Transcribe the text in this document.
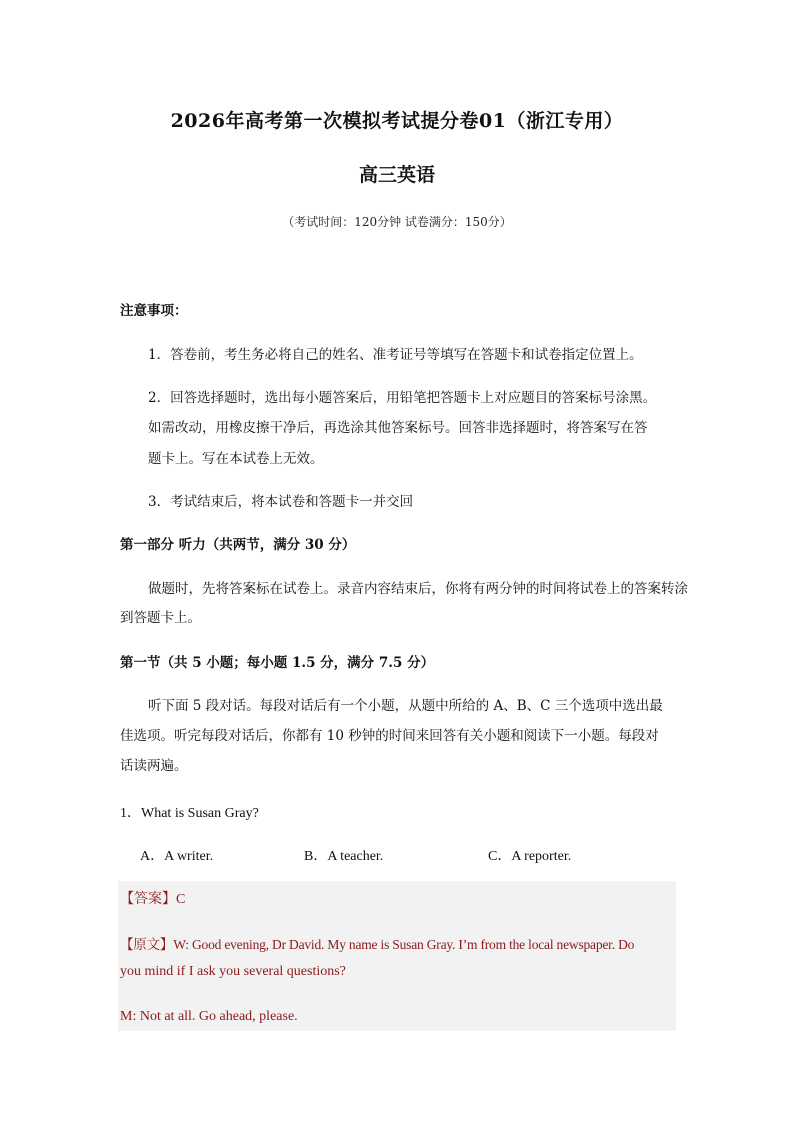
2026年高考第一次模拟考试提分卷01（浙江专用）
高三英语
（考试时间：120分钟 试卷满分：150分）
注意事项：
1．答卷前，考生务必将自己的姓名、准考证号等填写在答题卡和试卷指定位置上。
2．回答选择题时，选出每小题答案后，用铅笔把答题卡上对应题目的答案标号涂黑。
如需改动，用橡皮擦干净后，再选涂其他答案标号。回答非选择题时，将答案写在答
题卡上。写在本试卷上无效。
3．考试结束后，将本试卷和答题卡一并交回
第一部分 听力（共两节，满分 30 分）
做题时，先将答案标在试卷上。录音内容结束后，你将有两分钟的时间将试卷上的答案转涂
到答题卡上。
第一节（共 5 小题；每小题 1.5 分，满分 7.5 分）
听下面 5 段对话。每段对话后有一个小题，从题中所给的 A、B、C 三个选项中选出最
佳选项。听完每段对话后，你都有 10 秒钟的时间来回答有关小题和阅读下一小题。每段对
话读两遍。
1．What is Susan Gray?
A．A writer.	B．A teacher.	C．A reporter.
【答案】C
【原文】W: Good evening, Dr David. My name is Susan Gray. I’m from the local newspaper. Do
you mind if I ask you several questions?
M: Not at all. Go ahead, please.
